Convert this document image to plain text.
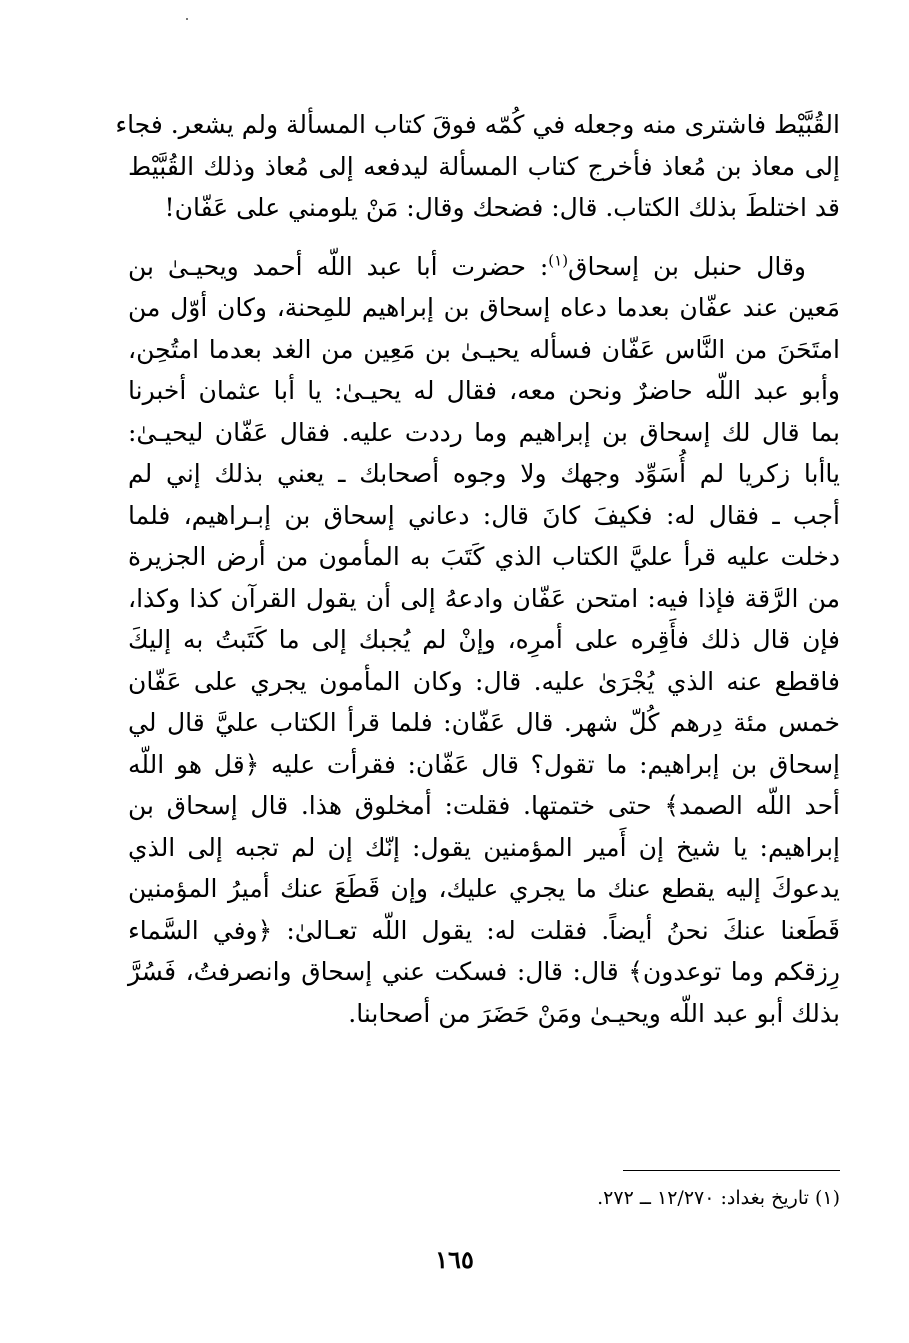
القُبَّيْط فاشترى منه وجعله في كُمّه فوقَ كتاب المسألة ولم يشعر. فجاء
إلى معاذ بن مُعاذ فأخرج كتاب المسألة ليدفعه إلى مُعاذ وذلك القُبَّيْط
قد اختلطَ بذلك الكتاب. قال: فضحك وقال: مَنْ يلومني على عَفّان!

وقال حنبل بن إسحاق$^{(١)}$: حضرت أبا عبد اللّه أحمد ويحيـىٰ بن
مَعين عند عفّان بعدما دعاه إسحاق بن إبراهيم للمِحنة، وكان أوّل من
امتَحَنَ من النَّاس عَفّان فسأله يحيـىٰ بن مَعِين من الغد بعدما امتُحِن،
وأبو عبد اللّه حاضرٌ ونحن معه، فقال له يحيـىٰ: يا أبا عثمان أخبرنا
بما قال لك إسحاق بن إبراهيم وما رددت عليه. فقال عَفّان ليحيـىٰ:
ياأبا زكريا لم أُسَوِّد وجهك ولا وجوه أصحابك ـ يعني بذلك إني لم
أجب ـ فقال له: فكيفَ كانَ قال: دعاني إسحاق بن إبـراهيم، فلما
دخلت عليه قرأ عليَّ الكتاب الذي كَتَبَ به المأمون من أرض الجزيرة
من الرَّقة فإذا فيه: امتحن عَفّان وادعهُ إلى أن يقول القرآن كذا وكذا،
فإن قال ذلك فأَقِره على أمرِه، وإنْ لم يُجبك إلى ما كَتَبتُ به إليكَ
فاقطع عنه الذي يُجْرَىٰ عليه. قال: وكان المأمون يجري على عَفّان
خمس مئة دِرهم كُلّ شهر. قال عَفّان: فلما قرأ الكتاب عليَّ قال لي
إسحاق بن إبراهيم: ما تقول؟ قال عَفّان: فقرأت عليه ﴿قل هو اللّه
أحد اللّه الصمد﴾ حتى ختمتها. فقلت: أمخلوق هذا. قال إسحاق بن
إبراهيم: يا شيخ إن أَمير المؤمنين يقول: إنّك إن لم تجبه إلى الذي
يدعوكَ إليه يقطع عنك ما يجري عليك، وإن قَطَعَ عنك أميرُ المؤمنين
قَطَعنا عنكَ نحنُ أيضاً. فقلت له: يقول اللّه تعـالىٰ: ﴿وفي السَّماء
رِزقكم وما توعدون﴾ قال: قال: فسكت عني إسحاق وانصرفتُ، فَسُرَّ
بذلك أبو عبد اللّه ويحيـىٰ ومَنْ حَضَرَ من أصحابنا.

(١) تاريخ بغداد: ١٢/٢٧٠ ــ ٢٧٢.
١٦٥
